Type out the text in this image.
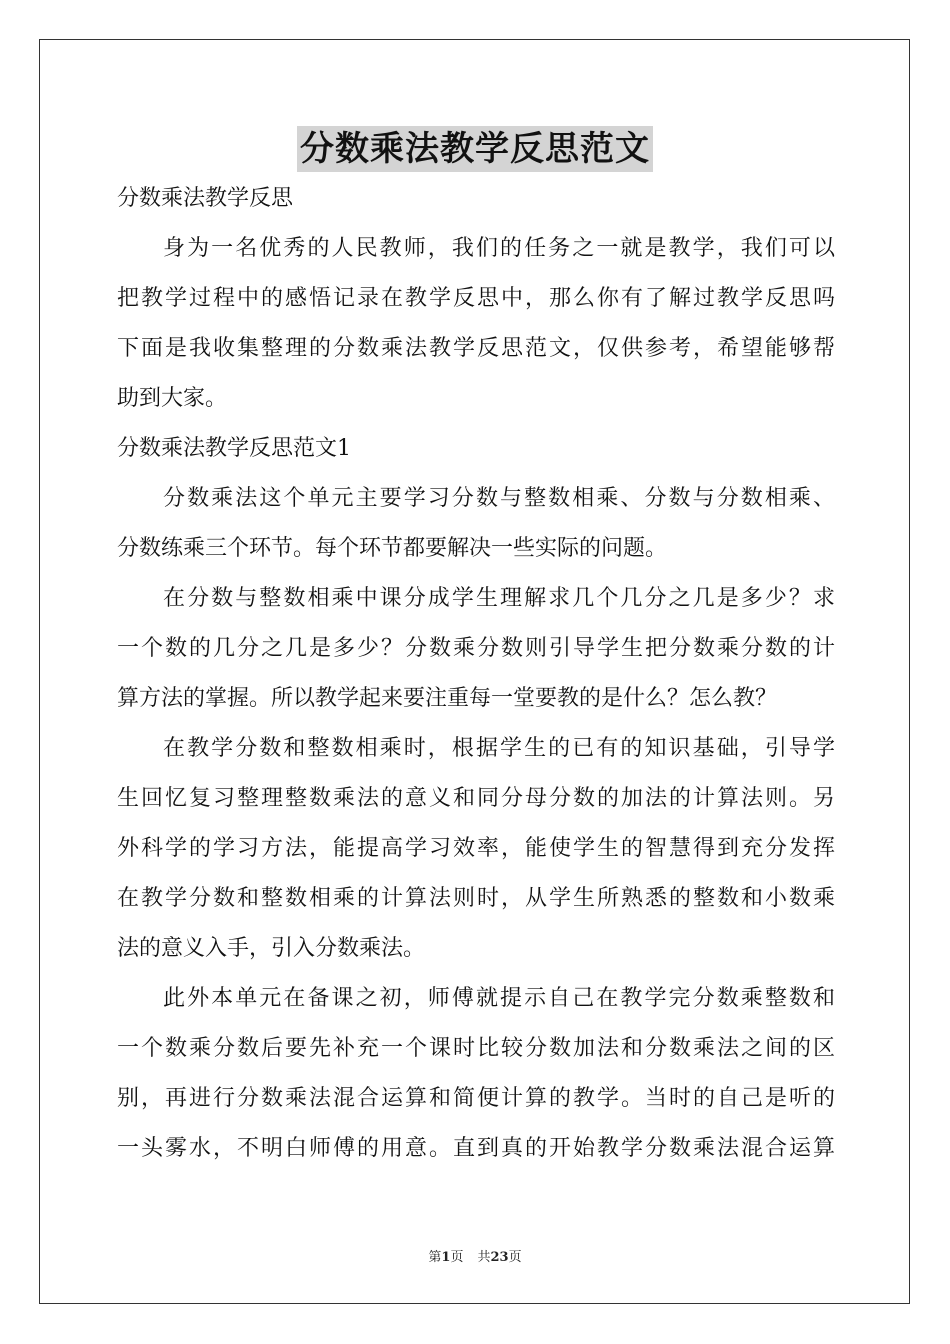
分数乘法教学反思范文
分数乘法教学反思
身为一名优秀的人民教师，我们的任务之一就是教学，我们可以
把教学过程中的感悟记录在教学反思中，那么你有了解过教学反思吗
下面是我收集整理的分数乘法教学反思范文，仅供参考，希望能够帮
助到大家。
分数乘法教学反思范文1
分数乘法这个单元主要学习分数与整数相乘、分数与分数相乘、
分数练乘三个环节。每个环节都要解决一些实际的问题。
在分数与整数相乘中课分成学生理解求几个几分之几是多少？求
一个数的几分之几是多少？分数乘分数则引导学生把分数乘分数的计
算方法的掌握。所以教学起来要注重每一堂要教的是什么？怎么教？
在教学分数和整数相乘时，根据学生的已有的知识基础，引导学
生回忆复习整理整数乘法的意义和同分母分数的加法的计算法则。另
外科学的学习方法，能提高学习效率，能使学生的智慧得到充分发挥
在教学分数和整数相乘的计算法则时，从学生所熟悉的整数和小数乘
法的意义入手，引入分数乘法。
此外本单元在备课之初，师傅就提示自己在教学完分数乘整数和
一个数乘分数后要先补充一个课时比较分数加法和分数乘法之间的区
别，再进行分数乘法混合运算和简便计算的教学。当时的自己是听的
一头雾水，不明白师傅的用意。直到真的开始教学分数乘法混合运算
第1页 共23页
